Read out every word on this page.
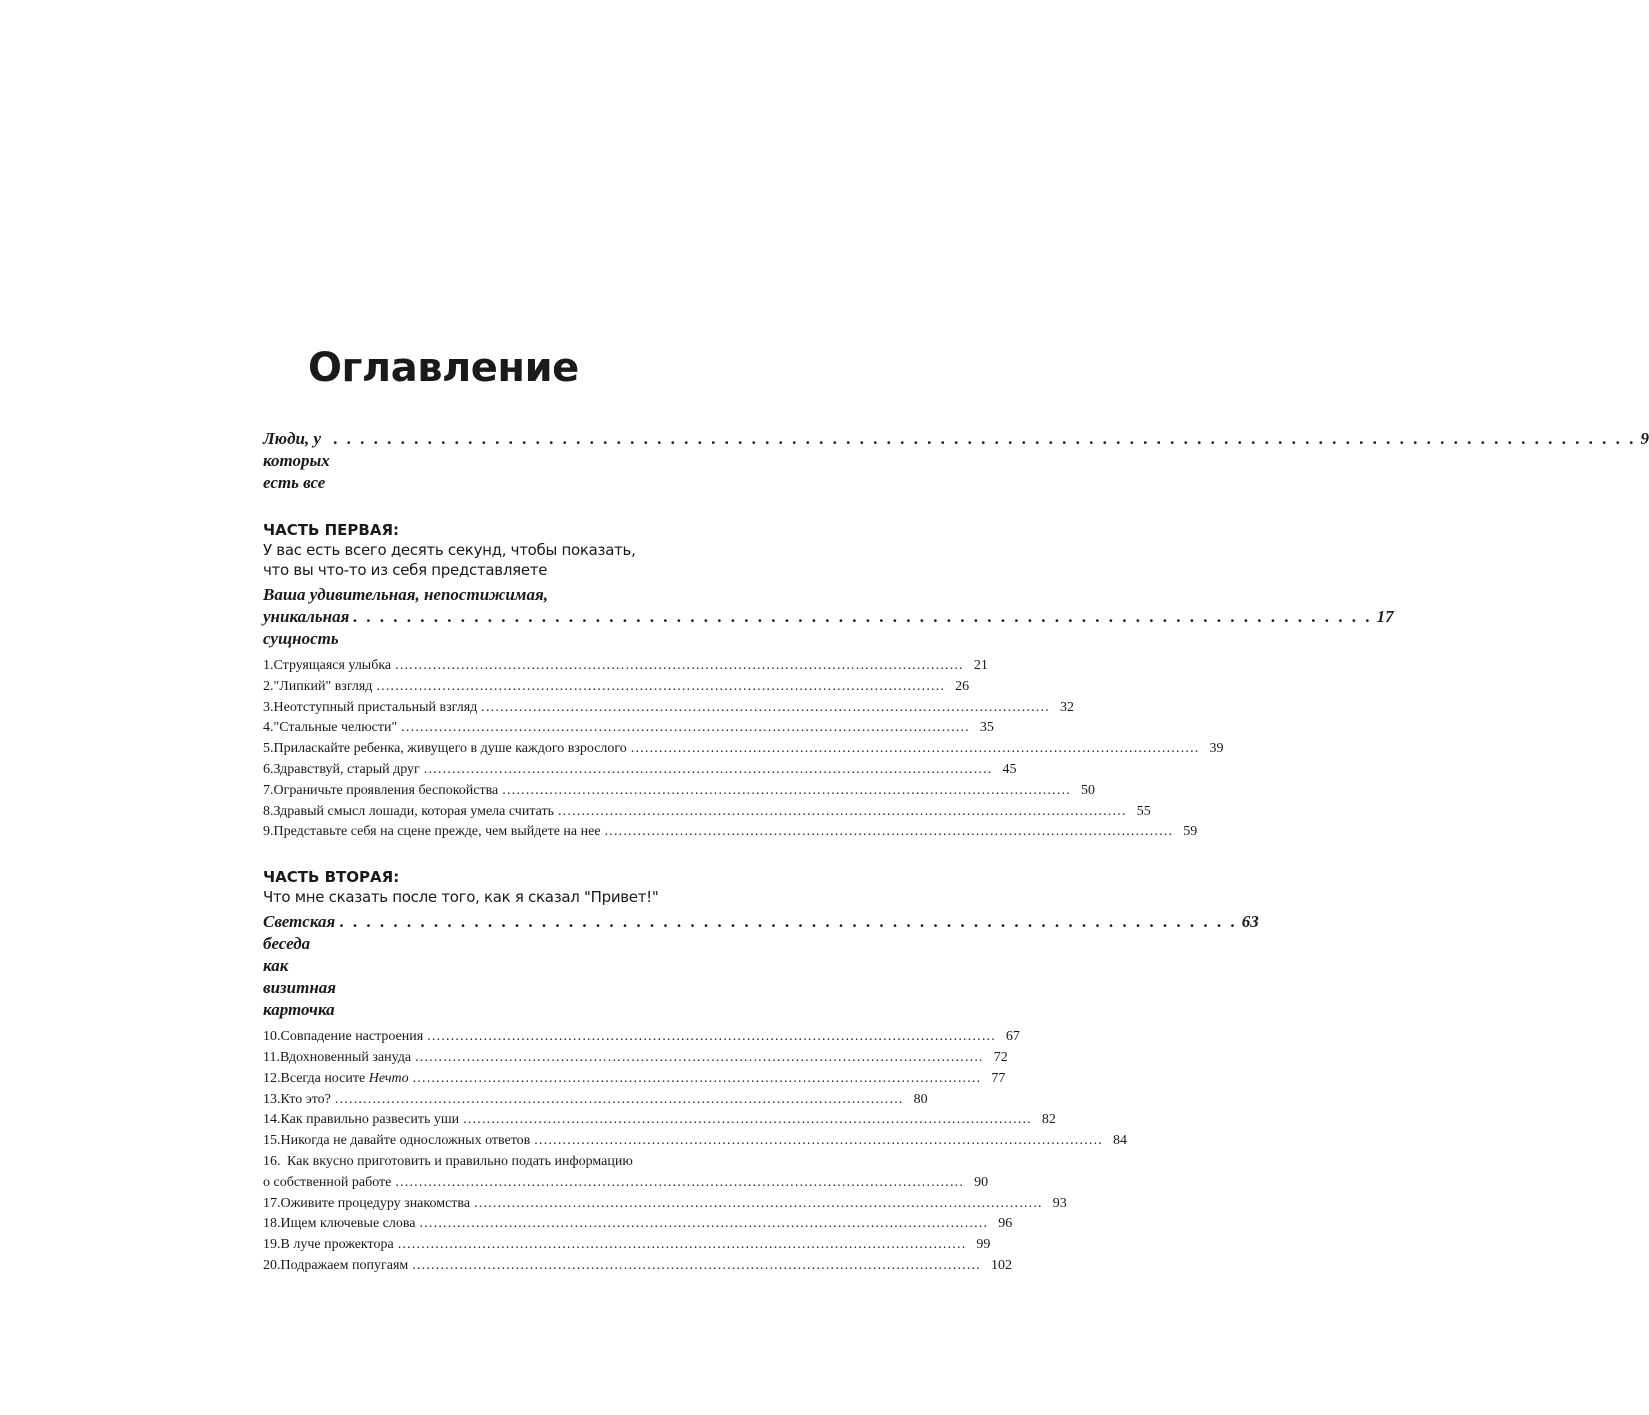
Оглавление
Люди, у которых есть все
. . . . . . . . . . . . . . . . . . . . . . . . . . . . . . . . . . . . . . . . . . . . . . . . . . . . . . . . . . . . . . . . . . . . . . . . . . . . . . . . . . . . . . . . . . . . . . . . . 9
ЧАСТЬ ПЕРВАЯ:
У вас есть всего десять секунд, чтобы показать,
что вы что-то из себя представляете
Ваша удивительная, непостижимая,
уникальная сущность
. . . . . . . . . . . . . . . . . . . . . . . . . . . . . . . . . . . . . . . . . . . . . . . . . . . . . . . . . . . . . . . . . . . . . . . . . . . . 17
1. Струящаяся улыбка ......................................................................................................................... 21
2. "Липкий" взгляд ......................................................................................................................... 26
3. Неотступный пристальный взгляд ......................................................................................................................... 32
4. "Стальные челюсти" ......................................................................................................................... 35
5. Приласкайте ребенка, живущего в душе каждого взрослого ......................................................................................................................... 39
6. Здравствуй, старый друг ......................................................................................................................... 45
7. Ограничьте проявления беспокойства ......................................................................................................................... 50
8. Здравый смысл лошади, которая умела считать ......................................................................................................................... 55
9. Представьте себя на сцене прежде, чем выйдете на нее ......................................................................................................................... 59
ЧАСТЬ ВТОРАЯ:
Что мне сказать после того, как я сказал "Привет!"
Светская беседа как визитная карточка
. . . . . . . . . . . . . . . . . . . . . . . . . . . . . . . . . . . . . . . . . . . . . . . . . . . . . . . . . . . . . . . . . . . 63
10. Совпадение настроения ......................................................................................................................... 67
11. Вдохновенный зануда ......................................................................................................................... 72
12. Всегда носите Нечто ......................................................................................................................... 77
13. Кто это? ......................................................................................................................... 80
14. Как правильно развесить уши ......................................................................................................................... 82
15. Никогда не давайте односложных ответов ......................................................................................................................... 84
16. Как вкусно приготовить и правильно подать информацию
о собственной работе ......................................................................................................................... 90
17. Оживите процедуру знакомства ......................................................................................................................... 93
18. Ищем ключевые слова ......................................................................................................................... 96
19. В луче прожектора ......................................................................................................................... 99
20. Подражаем попугаям ......................................................................................................................... 102
